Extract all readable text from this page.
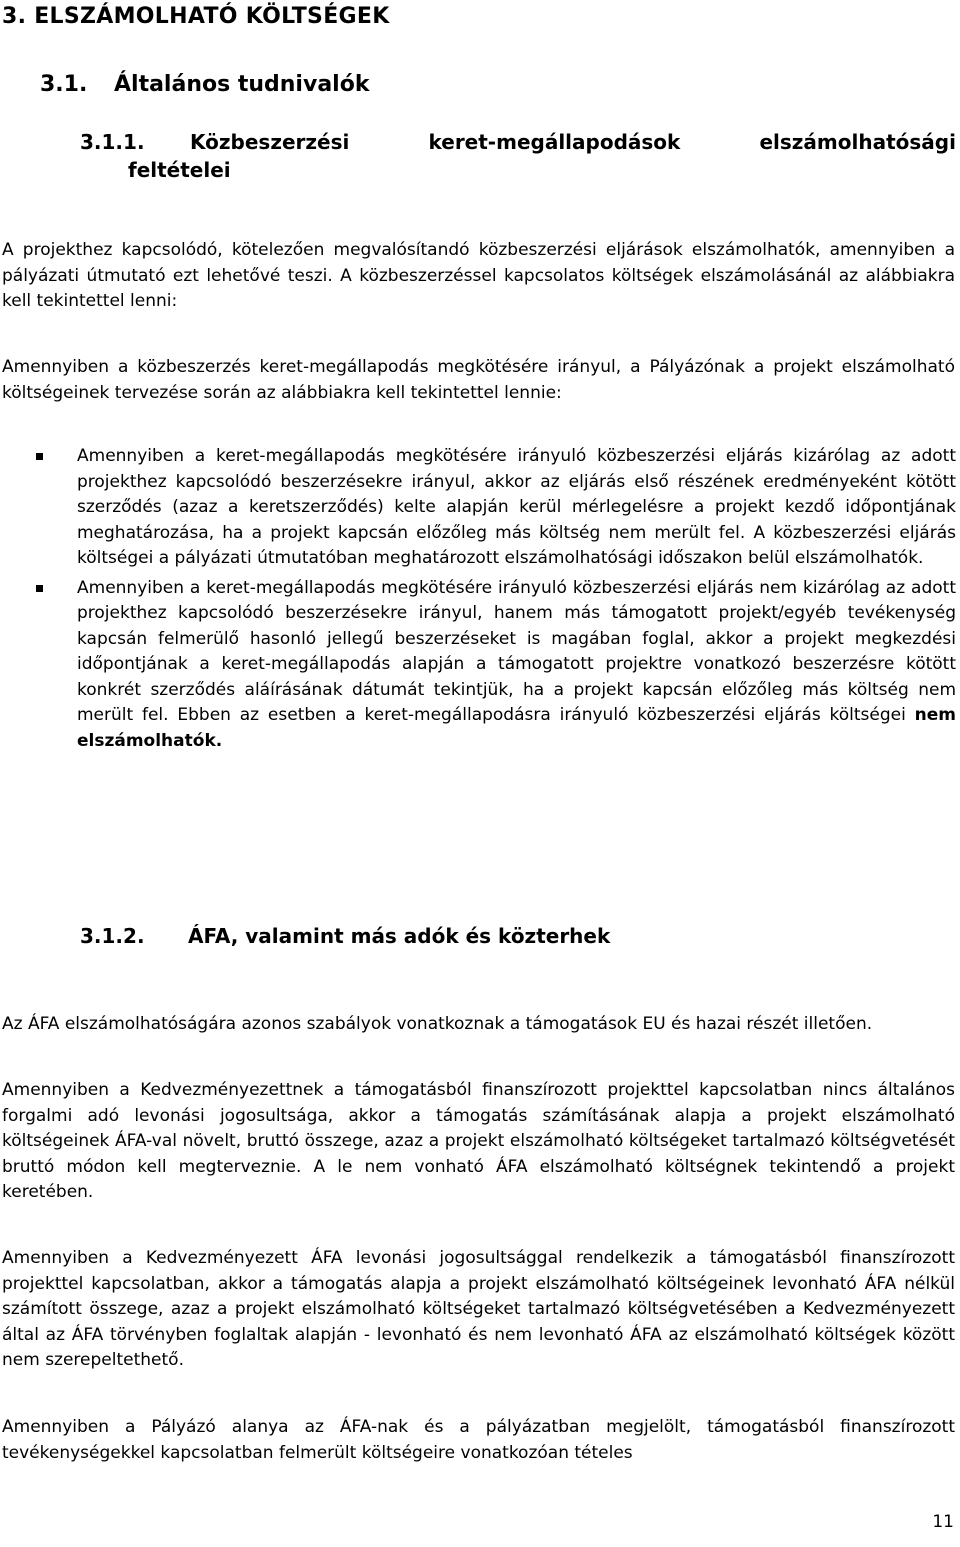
3. ELSZÁMOLHATÓ KÖLTSÉGEK
3.1. Általános tudnivalók
3.1.1. Közbeszerzési	keret-megállapodások	elszámolhatósági
feltételei

A projekthez kapcsolódó, kötelezően megvalósítandó közbeszerzési eljárások elszámolhatók, amennyiben a pályázati útmutató ezt lehetővé teszi. A közbeszerzéssel kapcsolatos költségek elszámolásánál az alábbiakra kell tekintettel lenni:

Amennyiben a közbeszerzés keret-megállapodás megkötésére irányul, a Pályázónak a projekt elszámolható költségeinek tervezése során az alábbiakra kell tekintettel lennie:

Amennyiben a keret-megállapodás megkötésére irányuló közbeszerzési eljárás kizárólag az adott projekthez kapcsolódó beszerzésekre irányul, akkor az eljárás első részének eredményeként kötött szerződés (azaz a keretszerződés) kelte alapján kerül mérlegelésre a projekt kezdő időpontjának meghatározása, ha a projekt kapcsán előzőleg más költség nem merült fel. A közbeszerzési eljárás költségei a pályázati útmutatóban meghatározott elszámolhatósági időszakon belül elszámolhatók.
Amennyiben a keret-megállapodás megkötésére irányuló közbeszerzési eljárás nem kizárólag az adott projekthez kapcsolódó beszerzésekre irányul, hanem más támogatott projekt/egyéb tevékenység kapcsán felmerülő hasonló jellegű beszerzéseket is magában foglal, akkor a projekt megkezdési időpontjának a keret-megállapodás alapján a támogatott projektre vonatkozó beszerzésre kötött konkrét szerződés aláírásának dátumát tekintjük, ha a projekt kapcsán előzőleg más költség nem merült fel. Ebben az esetben a keret-megállapodásra irányuló közbeszerzési eljárás költségei nem elszámolhatók.
3.1.2. ÁFA, valamint más adók és közterhek

Az ÁFA elszámolhatóságára azonos szabályok vonatkoznak a támogatások EU és hazai részét illetően.

Amennyiben a Kedvezményezettnek a támogatásból finanszírozott projekttel kapcsolatban nincs általános forgalmi adó levonási jogosultsága, akkor a támogatás számításának alapja a projekt elszámolható költségeinek ÁFA-val növelt, bruttó összege, azaz a projekt elszámolható költségeket tartalmazó költségvetését bruttó módon kell megterveznie. A le nem vonható ÁFA elszámolható költségnek tekintendő a projekt keretében.

Amennyiben a Kedvezményezett ÁFA levonási jogosultsággal rendelkezik a támogatásból finanszírozott projekttel kapcsolatban, akkor a támogatás alapja a projekt elszámolható költségeinek levonható ÁFA nélkül számított összege, azaz a projekt elszámolható költségeket tartalmazó költségvetésében a Kedvezményezett által az ÁFA törvényben foglaltak alapján - levonható és nem levonható ÁFA az elszámolható költségek között nem szerepeltethető.

Amennyiben a Pályázó alanya az ÁFA-nak és a pályázatban megjelölt, támogatásból finanszírozott tevékenységekkel kapcsolatban felmerült költségeire vonatkozóan tételes

11
